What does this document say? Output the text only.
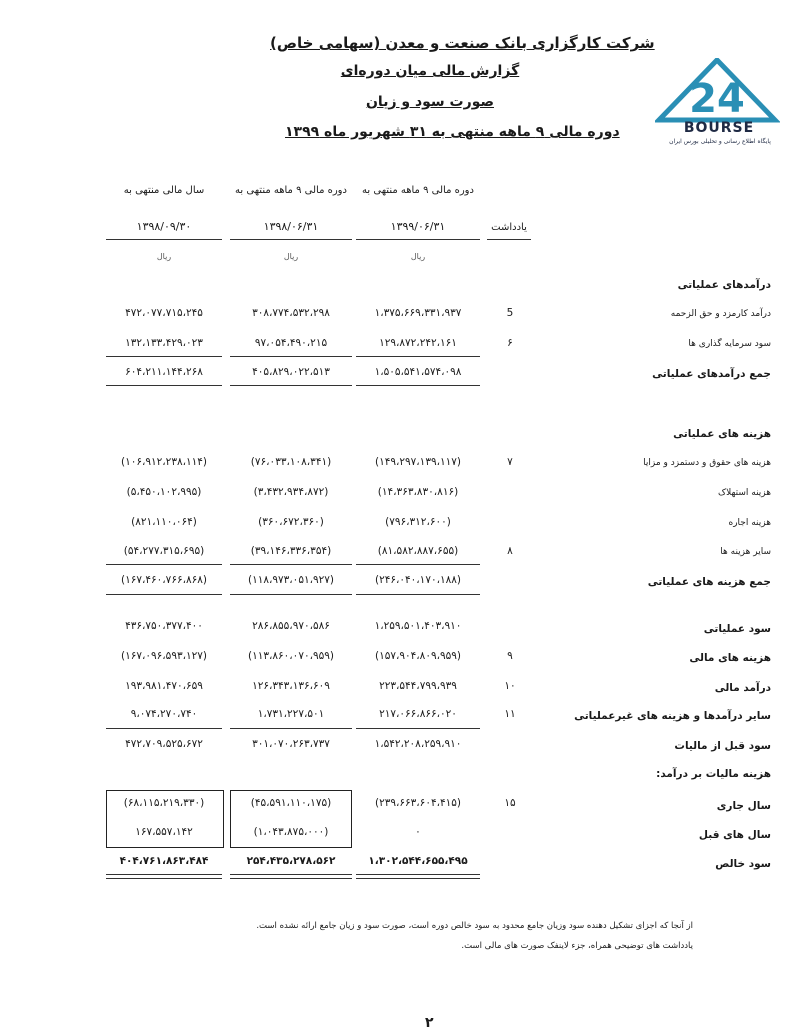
شرکت کارگزاری بانک صنعت و معدن (سهامی خاص)
گزارش مالی میان دوره‌ای
صورت سود و زیان
دوره مالی ۹ ماهه منتهی به ۳۱ شهریور ماه ۱۳۹۹
24
BOURSE
پایگاه اطلاع رسانی و تحلیلی بورس ایران
دوره مالی ۹ ماهه منتهی به
دوره مالی ۹ ماهه منتهی به
سال مالی منتهی به
۱۳۹۹/۰۶/۳۱
۱۳۹۸/۰۶/۳۱
۱۳۹۸/۰۹/۳۰	یادداشت
ریال
ریال
ریال
درآمدهای عملیاتی
درآمد کارمزد و حق الزحمه
5
۱،۳۷۵،۶۶۹،۳۳۱،۹۳۷
۳۰۸،۷۷۴،۵۳۲،۲۹۸
۴۷۲،۰۷۷،۷۱۵،۲۴۵
سود سرمایه گذاری ها
۶
۱۲۹،۸۷۲،۲۴۲،۱۶۱
۹۷،۰۵۴،۴۹۰،۲۱۵
۱۳۲،۱۳۳،۴۲۹،۰۲۳
جمع درآمدهای عملیاتی
۱،۵۰۵،۵۴۱،۵۷۴،۰۹۸
۴۰۵،۸۲۹،۰۲۲،۵۱۳
۶۰۴،۲۱۱،۱۴۴،۲۶۸
هزینه های عملیاتی
هزینه های حقوق و دستمزد و مزایا
۷
(۱۴۹،۲۹۷،۱۳۹،۱۱۷)
(۷۶،۰۳۳،۱۰۸،۳۴۱)
(۱۰۶،۹۱۲،۲۳۸،۱۱۴)
هزینه استهلاک
(۱۴،۳۶۳،۸۳۰،۸۱۶)
(۳،۴۳۲،۹۳۴،۸۷۲)
(۵،۴۵۰،۱۰۲،۹۹۵)
هزینه اجاره
(۷۹۶،۳۱۲،۶۰۰)
(۳۶۰،۶۷۲،۳۶۰)
(۸۲۱،۱۱۰،۰۶۴)
سایر هزینه ها
۸
(۸۱،۵۸۲،۸۸۷،۶۵۵)
(۳۹،۱۴۶،۳۳۶،۳۵۴)
(۵۴،۲۷۷،۳۱۵،۶۹۵)
جمع هزینه های عملیاتی
(۲۴۶،۰۴۰،۱۷۰،۱۸۸)
(۱۱۸،۹۷۳،۰۵۱،۹۲۷)
(۱۶۷،۴۶۰،۷۶۶،۸۶۸)
سود عملیاتی
۱،۲۵۹،۵۰۱،۴۰۳،۹۱۰
۲۸۶،۸۵۵،۹۷۰،۵۸۶
۴۳۶،۷۵۰،۳۷۷،۴۰۰
هزینه های مالی
۹
(۱۵۷،۹۰۴،۸۰۹،۹۵۹)
(۱۱۳،۸۶۰،۰۷۰،۹۵۹)
(۱۶۷،۰۹۶،۵۹۳،۱۲۷)
درآمد مالی
۱۰
۲۲۳،۵۴۴،۷۹۹،۹۳۹
۱۲۶،۳۴۳،۱۳۶،۶۰۹
۱۹۳،۹۸۱،۴۷۰،۶۵۹
سایر درآمدها و هزینه های غیرعملیاتی
۱۱
۲۱۷،۰۶۶،۸۶۶،۰۲۰
۱،۷۳۱،۲۲۷،۵۰۱
۹،۰۷۴،۲۷۰،۷۴۰
سود قبل از مالیات
۱،۵۴۲،۲۰۸،۲۵۹،۹۱۰
۳۰۱،۰۷۰،۲۶۳،۷۳۷
۴۷۲،۷۰۹،۵۲۵،۶۷۲
هزینه مالیات بر درآمد:
سال جاری
۱۵
(۲۳۹،۶۶۳،۶۰۴،۴۱۵)
(۴۵،۵۹۱،۱۱۰،۱۷۵)
(۶۸،۱۱۵،۲۱۹،۳۳۰)
سال های قبل
۰
(۱،۰۴۳،۸۷۵،۰۰۰)
۱۶۷،۵۵۷،۱۴۲
سود خالص
۱،۳۰۲،۵۴۴،۶۵۵،۴۹۵
۲۵۴،۴۳۵،۲۷۸،۵۶۲
۴۰۴،۷۶۱،۸۶۳،۴۸۴
از آنجا که اجزای تشکیل دهنده سود وزیان جامع محدود به سود خالص دوره است، صورت سود و زیان جامع ارائه نشده است.
یادداشت های توضیحی همراه، جزء لاینفک صورت های مالی است.
۲
